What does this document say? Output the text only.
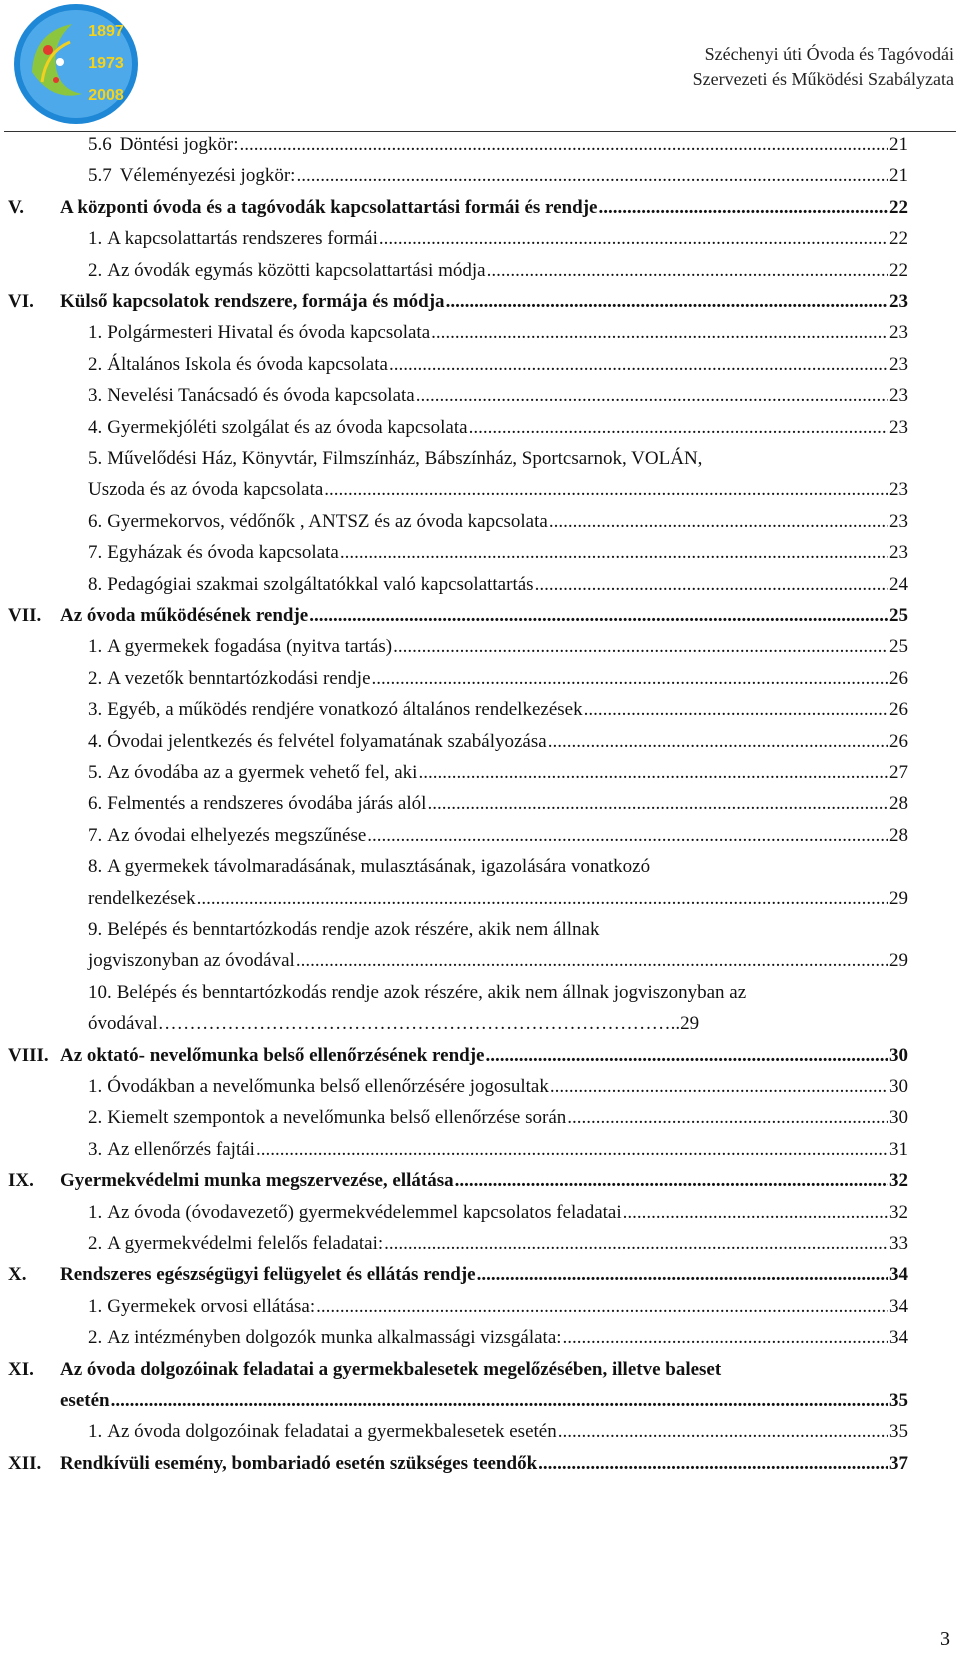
1897
1973
2008
Széchenyi úti Óvoda és Tagóvodái
Szervezeti és Működési Szabályzata
5.6 Döntési jogkör: .....	21
5.7 Véleményezési jogkör: .....	21
V. A központi óvoda és a tagóvodák kapcsolattartási formái és rendje .....	22
1. A kapcsolattartás rendszeres formái .....	22
2. Az óvodák egymás közötti kapcsolattartási módja .....	22
VI. Külső kapcsolatok rendszere, formája és módja .....	23
1. Polgármesteri Hivatal és óvoda kapcsolata .....	23
2. Általános Iskola és óvoda kapcsolata .....	23
3. Nevelési Tanácsadó és óvoda kapcsolata .....	23
4. Gyermekjóléti szolgálat és az óvoda kapcsolata .....	23
5. Művelődési Ház, Könyvtár, Filmszínház, Bábszínház, Sportcsarnok, VOLÁN,
Uszoda és az óvoda kapcsolata .....	23
6. Gyermekorvos, védőnők , ANTSZ és az óvoda kapcsolata .....	23
7. Egyházak és óvoda kapcsolata .....	23
8. Pedagógiai szakmai szolgáltatókkal való kapcsolattartás .....	24
VII. Az óvoda működésének rendje .....	25
1. A gyermekek fogadása (nyitva tartás) .....	25
2. A vezetők benntartózkodási rendje .....	26
3. Egyéb, a működés rendjére vonatkozó általános rendelkezések .....	26
4. Óvodai jelentkezés és felvétel folyamatának szabályozása .....	26
5. Az óvodába az a gyermek vehető fel, aki .....	27
6. Felmentés a rendszeres óvodába járás alól .....	28
7. Az óvodai elhelyezés megszűnése .....	28
8. A gyermekek távolmaradásának, mulasztásának, igazolására vonatkozó
rendelkezések .....	29
9. Belépés és benntartózkodás rendje azok részére, akik nem állnak
jogviszonyban az óvodával .....	29
10. Belépés és benntartózkodás rendje azok részére, akik nem állnak jogviszonyban az
óvodával……………………………………………………………………….. 29
VIII. Az oktató- nevelőmunka belső ellenőrzésének rendje .....	30
1. Óvodákban a nevelőmunka belső ellenőrzésére jogosultak .....	30
2. Kiemelt szempontok a nevelőmunka belső ellenőrzése során .....	30
3. Az ellenőrzés fajtái .....	31
IX. Gyermekvédelmi munka megszervezése, ellátása .....	32
1. Az óvoda (óvodavezető) gyermekvédelemmel kapcsolatos feladatai .....	32
2. A gyermekvédelmi felelős feladatai: .....	33
X. Rendszeres egészségügyi felügyelet és ellátás rendje .....	34
1. Gyermekek orvosi ellátása: .....	34
2. Az intézményben dolgozók munka alkalmassági vizsgálata: .....	34
XI. Az óvoda dolgozóinak feladatai a gyermekbalesetek megelőzésében, illetve baleset
esetén .....	35
1. Az óvoda dolgozóinak feladatai a gyermekbalesetek esetén .....	35
XII. Rendkívüli esemény, bombariadó esetén szükséges teendők .....	37
3
